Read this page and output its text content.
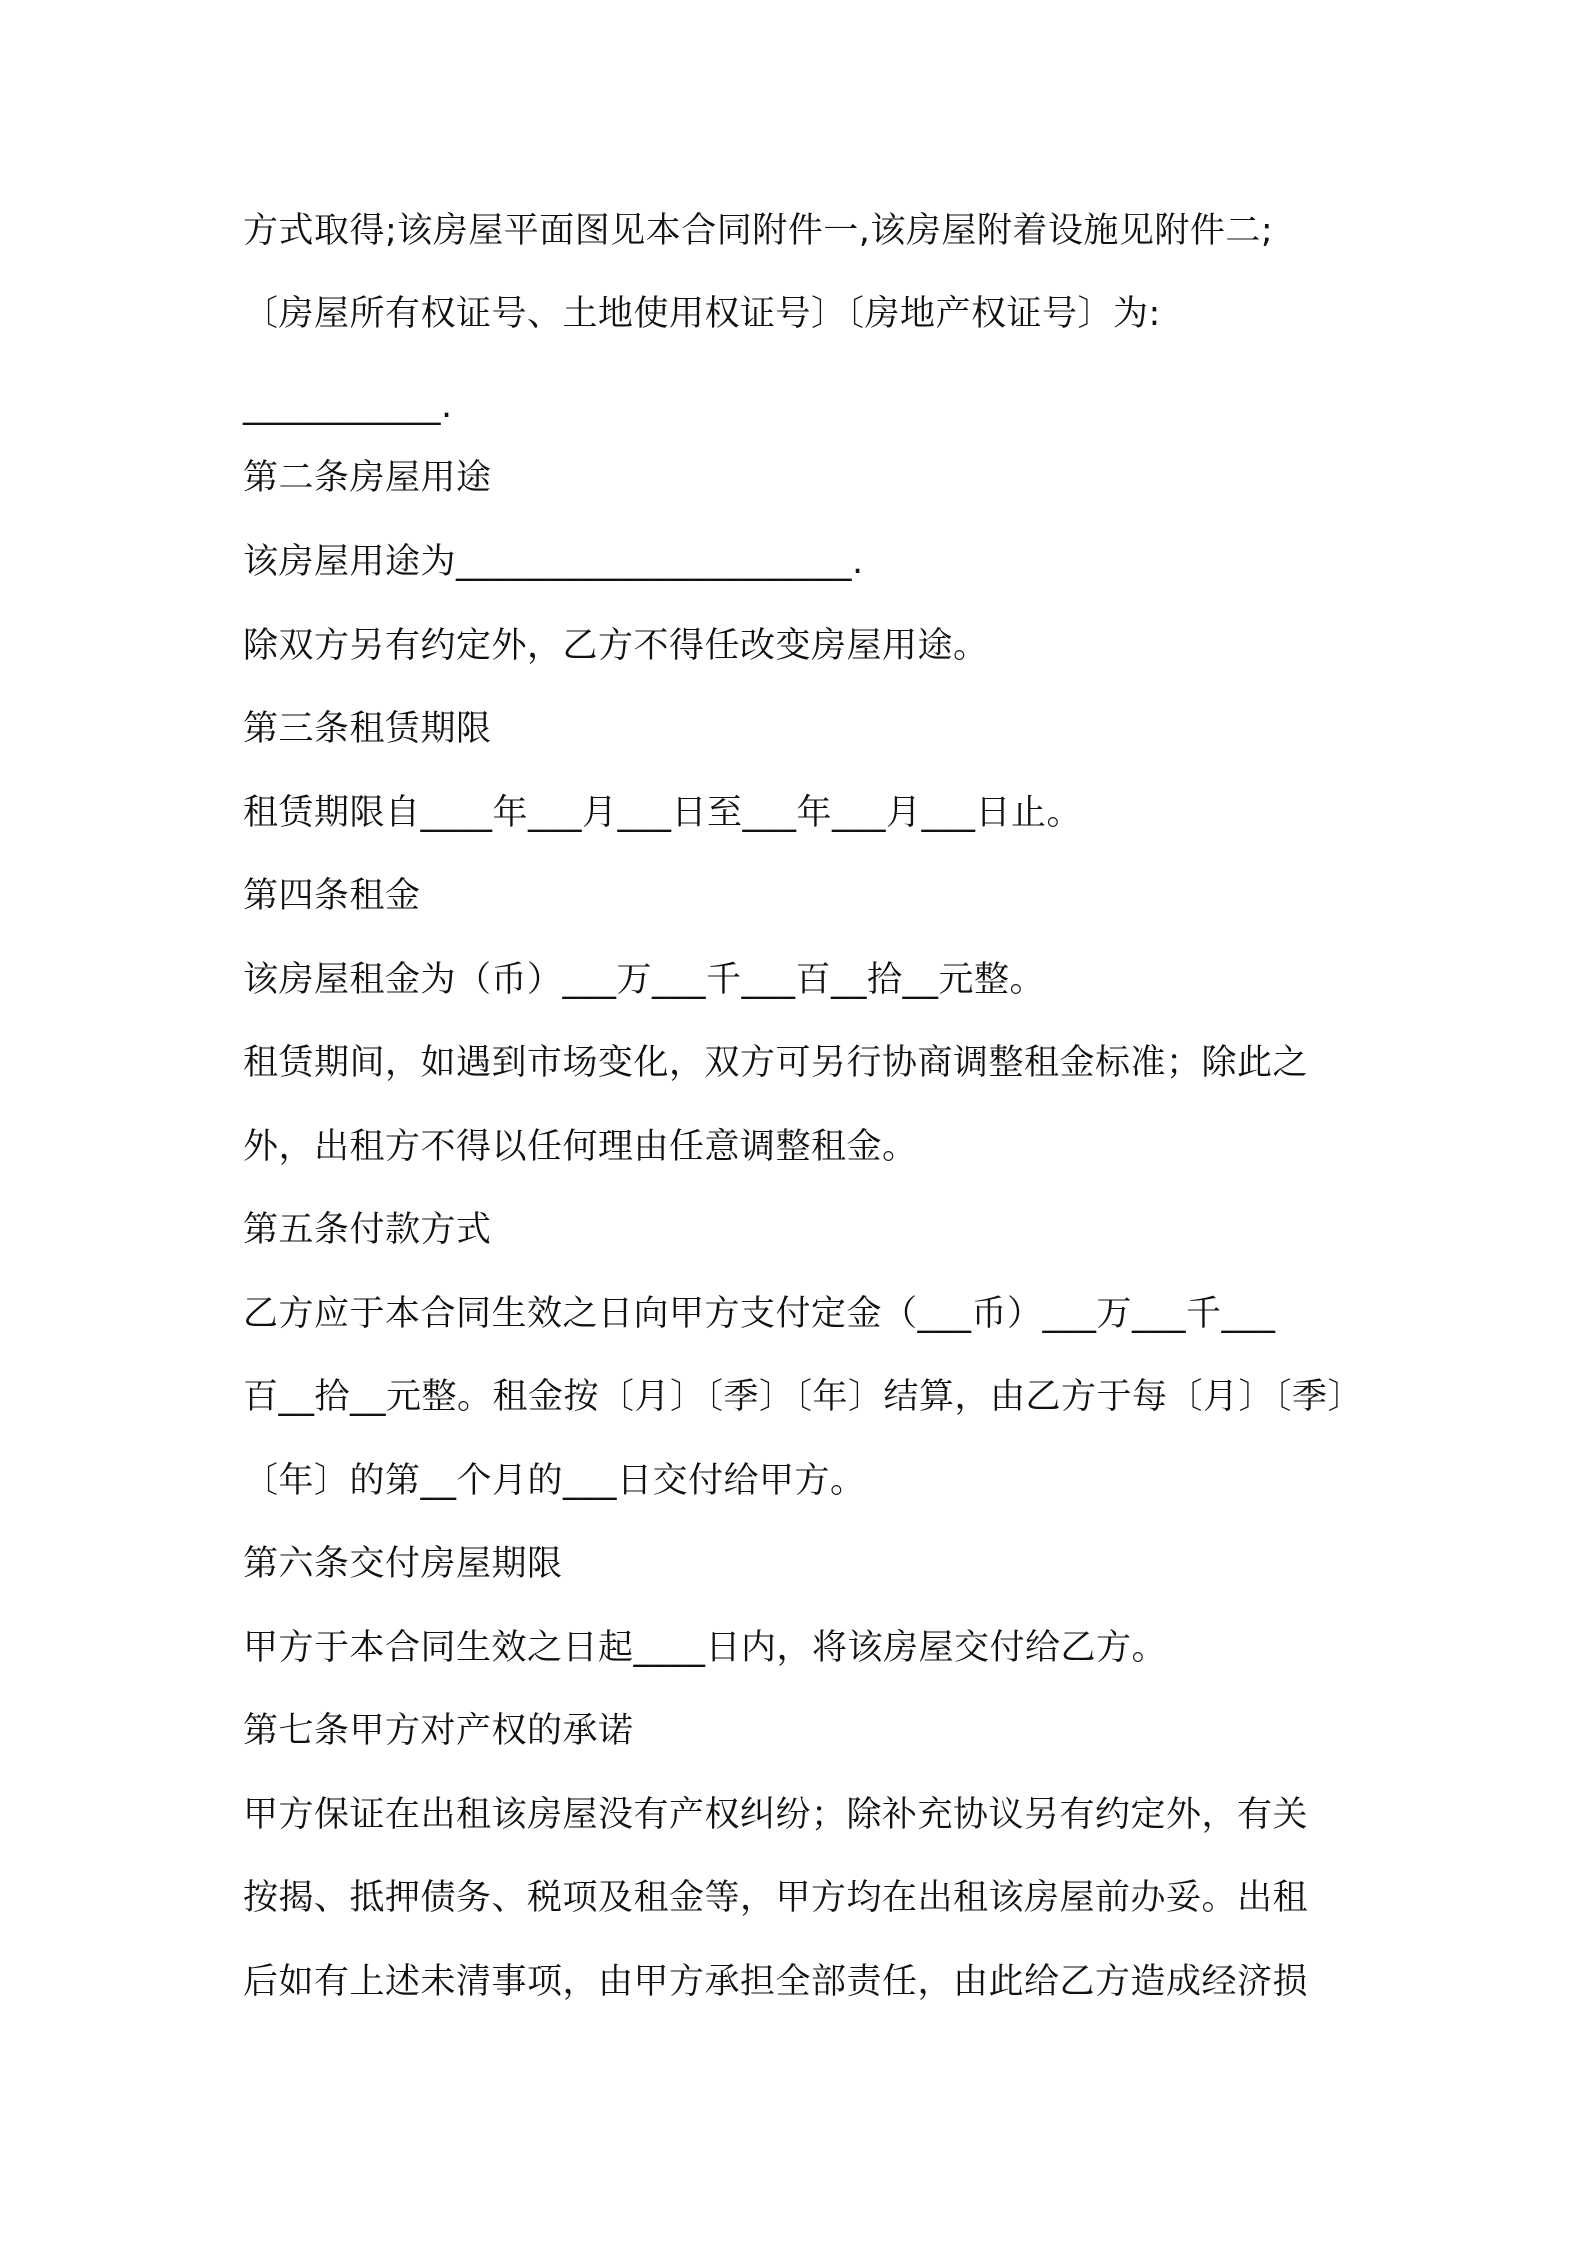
方式取得;该房屋平面图见本合同附件一,该房屋附着设施见附件二;
〔房屋所有权证号、土地使用权证号〕〔房地产权证号〕为:
___________.
第二条房屋用途
该房屋用途为______________________.
除双方另有约定外，乙方不得任改变房屋用途。
第三条租赁期限
租赁期限自____年___月___日至___年___月___日止。
第四条租金
该房屋租金为（币）___万___千___百__拾__元整。
租赁期间，如遇到市场变化，双方可另行协商调整租金标准；除此之
外，出租方不得以任何理由任意调整租金。
第五条付款方式
乙方应于本合同生效之日向甲方支付定金（___币）___万___千___
百__拾__元整。租金按〔月〕〔季〕〔年〕结算，由乙方于每〔月〕〔季〕
〔年〕的第__个月的___日交付给甲方。
第六条交付房屋期限
甲方于本合同生效之日起____日内，将该房屋交付给乙方。
第七条甲方对产权的承诺
甲方保证在出租该房屋没有产权纠纷；除补充协议另有约定外，有关
按揭、抵押债务、税项及租金等，甲方均在出租该房屋前办妥。出租
后如有上述未清事项，由甲方承担全部责任，由此给乙方造成经济损
